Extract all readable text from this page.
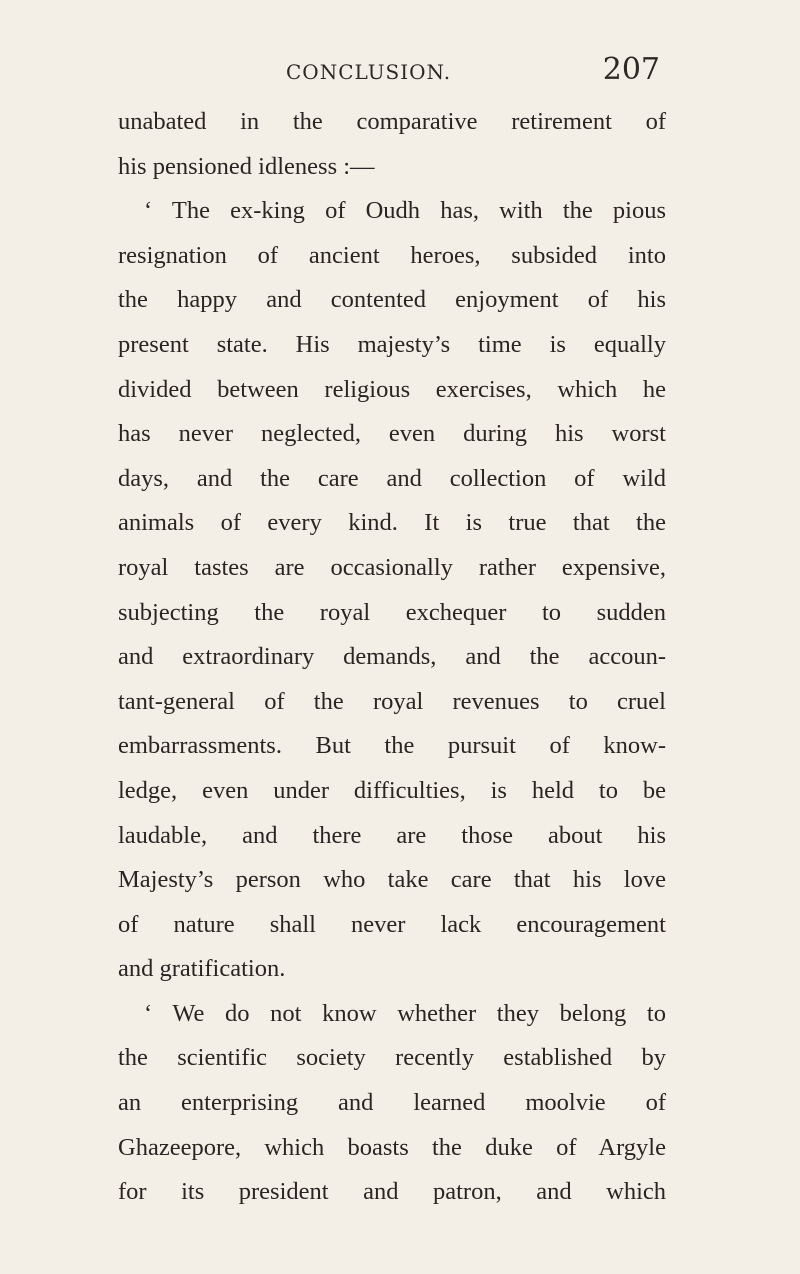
CONCLUSION.	207
unabated in the comparative retirement of
his pensioned idleness :—
‘ The ex-king of Oudh has, with the pious
resignation of ancient heroes, subsided into
the happy and contented enjoyment of his
present state. His majesty’s time is equally
divided between religious exercises, which he
has never neglected, even during his worst
days, and the care and collection of wild
animals of every kind. It is true that the
royal tastes are occasionally rather expensive,
subjecting the royal exchequer to sudden
and extraordinary demands, and the accoun-
tant-general of the royal revenues to cruel
embarrassments. But the pursuit of know-
ledge, even under difficulties, is held to be
laudable, and there are those about his
Majesty’s person who take care that his love
of nature shall never lack encouragement
and gratification.
‘ We do not know whether they belong to
the scientific society recently established by
an enterprising and learned moolvie of
Ghazeepore, which boasts the duke of Argyle
for its president and patron, and which
